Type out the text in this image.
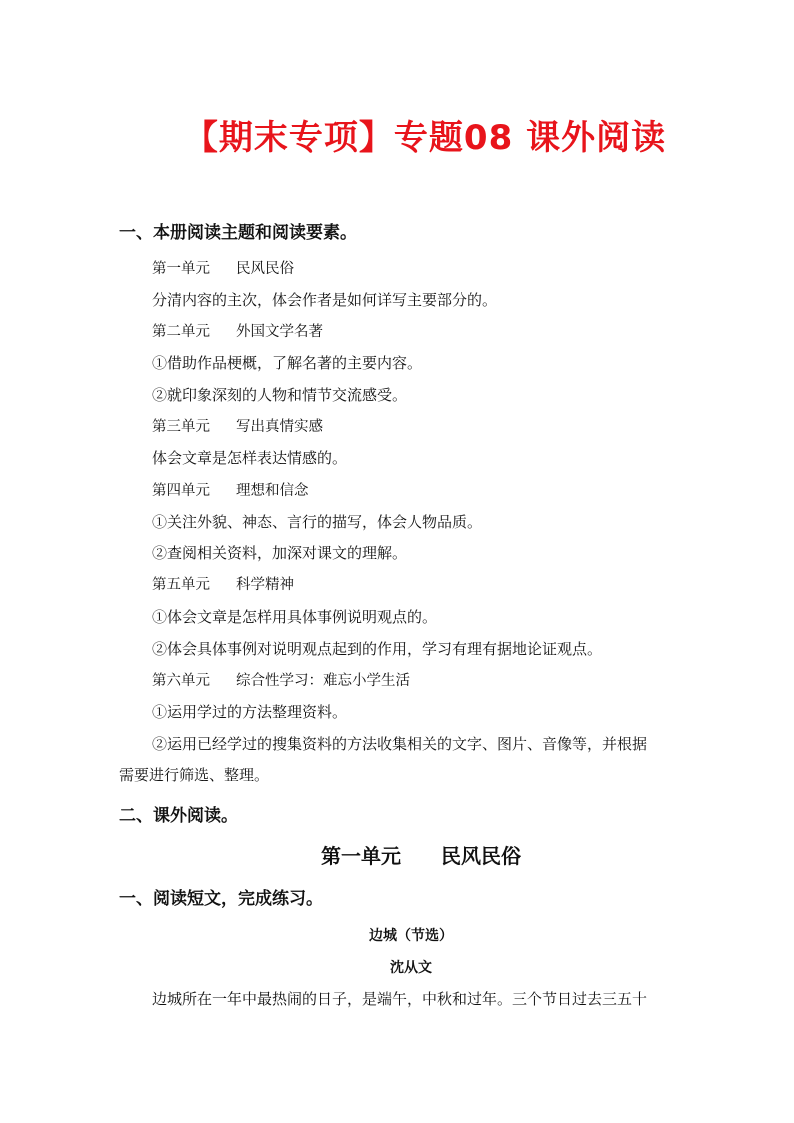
【期末专项】专题08 课外阅读
一、本册阅读主题和阅读要素。
第一单元 民风民俗
分清内容的主次，体会作者是如何详写主要部分的。
第二单元 外国文学名著
①借助作品梗概，了解名著的主要内容。
②就印象深刻的人物和情节交流感受。
第三单元 写出真情实感
体会文章是怎样表达情感的。
第四单元 理想和信念
①关注外貌、神态、言行的描写，体会人物品质。
②查阅相关资料，加深对课文的理解。
第五单元 科学精神
①体会文章是怎样用具体事例说明观点的。
②体会具体事例对说明观点起到的作用，学习有理有据地论证观点。
第六单元 综合性学习：难忘小学生活
①运用学过的方法整理资料。
②运用已经学过的搜集资料的方法收集相关的文字、图片、音像等，并根据
需要进行筛选、整理。
二、课外阅读。
第一单元 民风民俗
一、阅读短文，完成练习。
边城（节选）
沈从文
边城所在一年中最热闹的日子，是端午，中秋和过年。三个节日过去三五十
